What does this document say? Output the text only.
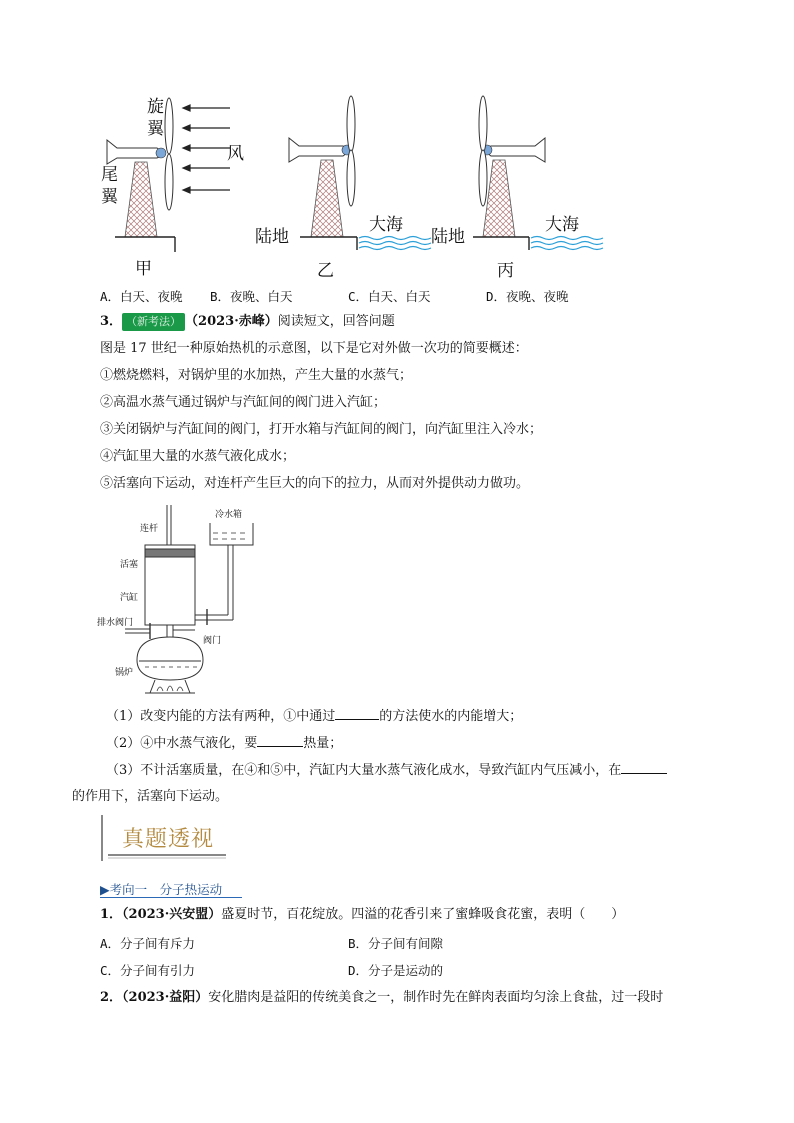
旋
翼
尾
翼
风
陆地
大海
陆地
大海
甲	乙	丙
A．白天、夜晚 B．夜晚、白天	C．白天、白天	D．夜晚、夜晚
3． （新考法） （2023·赤峰）阅读短文，回答问题
图是 17 世纪一种原始热机的示意图，以下是它对外做一次功的简要概述：
①燃烧燃料，对锅炉里的水加热，产生大量的水蒸气；
②高温水蒸气通过锅炉与汽缸间的阀门进入汽缸；
③关闭锅炉与汽缸间的阀门，打开水箱与汽缸间的阀门，向汽缸里注入冷水；
④汽缸里大量的水蒸气液化成水；
⑤活塞向下运动，对连杆产生巨大的向下的拉力，从而对外提供动力做功。
连杆
冷水箱
活塞
汽缸
排水阀门
阀门
锅炉
（1）改变内能的方法有两种，①中通过	的方法使水的内能增大；
（2）④中水蒸气液化，要	热量；
（3）不计活塞质量，在④和⑤中，汽缸内大量水蒸气液化成水，导致汽缸内气压减小，在
的作用下，活塞向下运动。
真题透视
▶考向一　分子热运动
1．（2023·兴安盟）盛夏时节，百花绽放。四溢的花香引来了蜜蜂吸食花蜜，表明（　　）
A．分子间有斥力	B．分子间有间隙
C．分子间有引力	D．分子是运动的
2．（2023·益阳）安化腊肉是益阳的传统美食之一，制作时先在鲜肉表面均匀涂上食盐，过一段时
